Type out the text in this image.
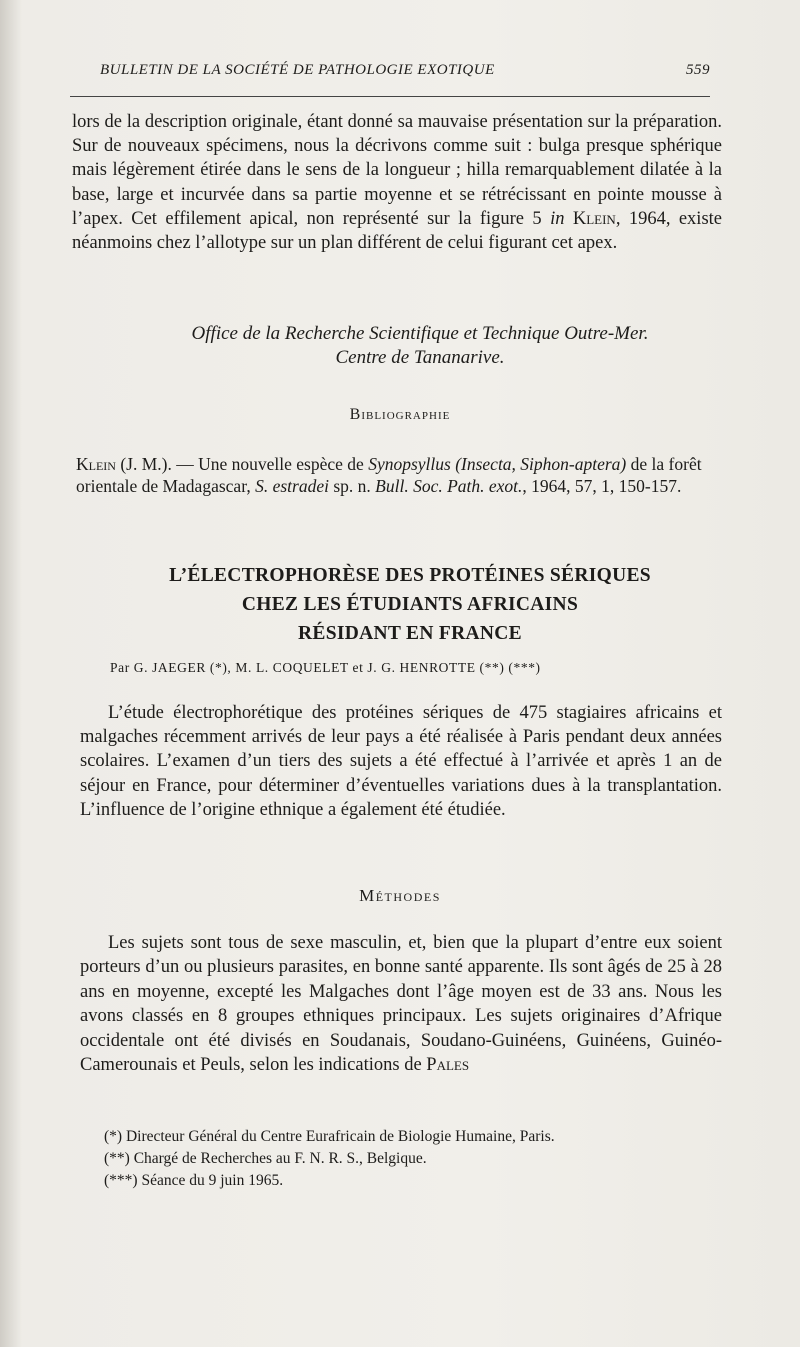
BULLETIN DE LA SOCIÉTÉ DE PATHOLOGIE EXOTIQUE	559
lors de la description originale, étant donné sa mauvaise présentation sur la préparation. Sur de nouveaux spécimens, nous la décrivons comme suit : bulga presque sphérique mais légèrement étirée dans le sens de la longueur ; hilla remarquablement dilatée à la base, large et incurvée dans sa partie moyenne et se rétrécissant en pointe mousse à l’apex. Cet effilement apical, non représenté sur la figure 5 in Klein, 1964, existe néanmoins chez l’allotype sur un plan différent de celui figurant cet apex.
Office de la Recherche Scientifique et Technique Outre-Mer.
Centre de Tananarive.
Bibliographie
Klein (J. M.). — Une nouvelle espèce de Synopsyllus (Insecta, Siphon-aptera) de la forêt orientale de Madagascar, S. estradei sp. n. Bull. Soc. Path. exot., 1964, 57, 1, 150-157.
L’ÉLECTROPHORÈSE DES PROTÉINES SÉRIQUES
CHEZ LES ÉTUDIANTS AFRICAINS
RÉSIDANT EN FRANCE
Par G. JAEGER (*), M. L. COQUELET et J. G. HENROTTE (**) (***)
L’étude électrophorétique des protéines sériques de 475 stagiaires africains et malgaches récemment arrivés de leur pays a été réalisée à Paris pendant deux années scolaires. L’examen d’un tiers des sujets a été effectué à l’arrivée et après 1 an de séjour en France, pour déterminer d’éventuelles variations dues à la transplantation. L’influence de l’origine ethnique a également été étudiée.
Méthodes
Les sujets sont tous de sexe masculin, et, bien que la plupart d’entre eux soient porteurs d’un ou plusieurs parasites, en bonne santé apparente. Ils sont âgés de 25 à 28 ans en moyenne, excepté les Malgaches dont l’âge moyen est de 33 ans. Nous les avons classés en 8 groupes ethniques principaux. Les sujets originaires d’Afrique occidentale ont été divisés en Soudanais, Soudano-Guinéens, Guinéens, Guinéo-Camerounais et Peuls, selon les indications de Pales
(*) Directeur Général du Centre Eurafricain de Biologie Humaine, Paris.
(**) Chargé de Recherches au F. N. R. S., Belgique.
(***) Séance du 9 juin 1965.
